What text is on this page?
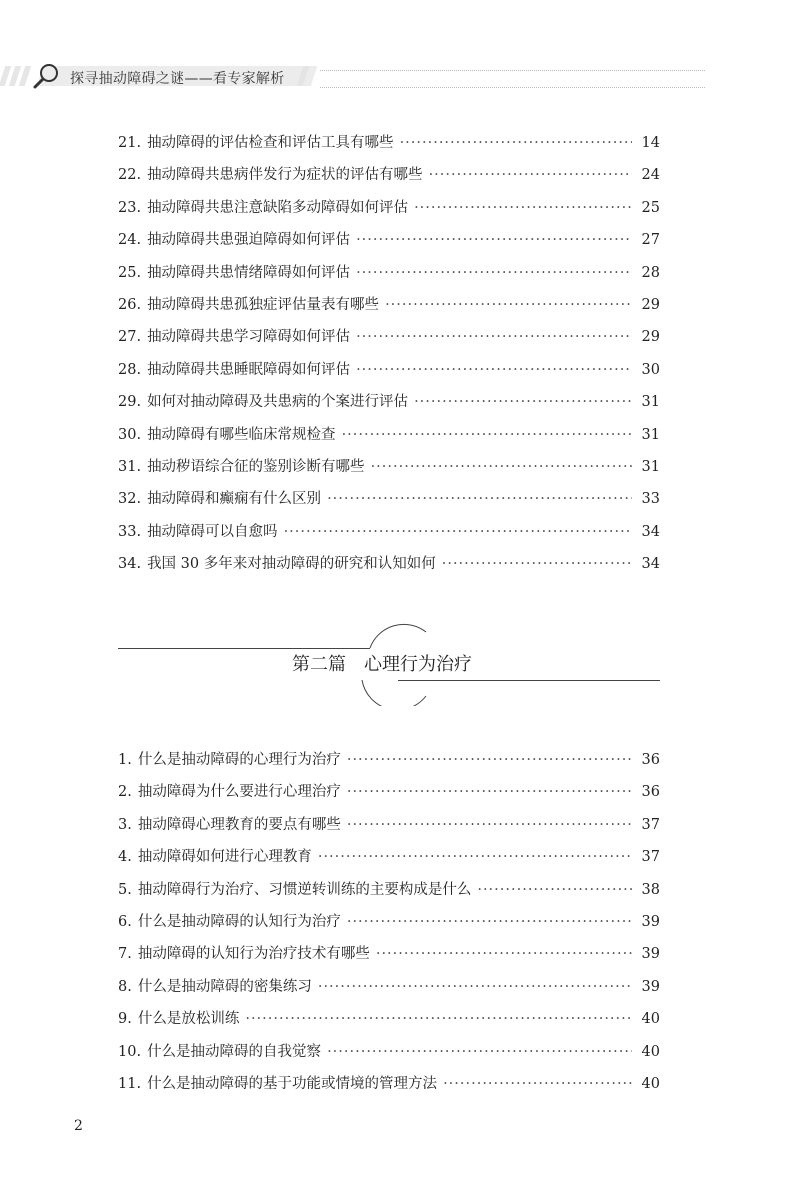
探寻抽动障碍之谜——看专家解析
21. 抽动障碍的评估检查和评估工具有哪些 ·····	14
22. 抽动障碍共患病伴发行为症状的评估有哪些 ·····	24
23. 抽动障碍共患注意缺陷多动障碍如何评估 ·····	25
24. 抽动障碍共患强迫障碍如何评估 ·····	27
25. 抽动障碍共患情绪障碍如何评估 ·····	28
26. 抽动障碍共患孤独症评估量表有哪些 ·····	29
27. 抽动障碍共患学习障碍如何评估 ·····	29
28. 抽动障碍共患睡眠障碍如何评估 ·····	30
29. 如何对抽动障碍及共患病的个案进行评估 ·····	31
30. 抽动障碍有哪些临床常规检查 ·····	31
31. 抽动秽语综合征的鉴别诊断有哪些 ·····	31
32. 抽动障碍和癫痫有什么区别 ·····	33
33. 抽动障碍可以自愈吗 ·····	34
34. 我国 30 多年来对抽动障碍的研究和认知如何 ·····	34
第二篇 心理行为治疗
1. 什么是抽动障碍的心理行为治疗 ·····	36
2. 抽动障碍为什么要进行心理治疗 ·····	36
3. 抽动障碍心理教育的要点有哪些 ·····	37
4. 抽动障碍如何进行心理教育 ·····	37
5. 抽动障碍行为治疗、习惯逆转训练的主要构成是什么 ·····	38
6. 什么是抽动障碍的认知行为治疗 ·····	39
7. 抽动障碍的认知行为治疗技术有哪些 ·····	39
8. 什么是抽动障碍的密集练习 ·····	39
9. 什么是放松训练 ·····	40
10. 什么是抽动障碍的自我觉察 ·····	40
11. 什么是抽动障碍的基于功能或情境的管理方法 ·····	40
2
